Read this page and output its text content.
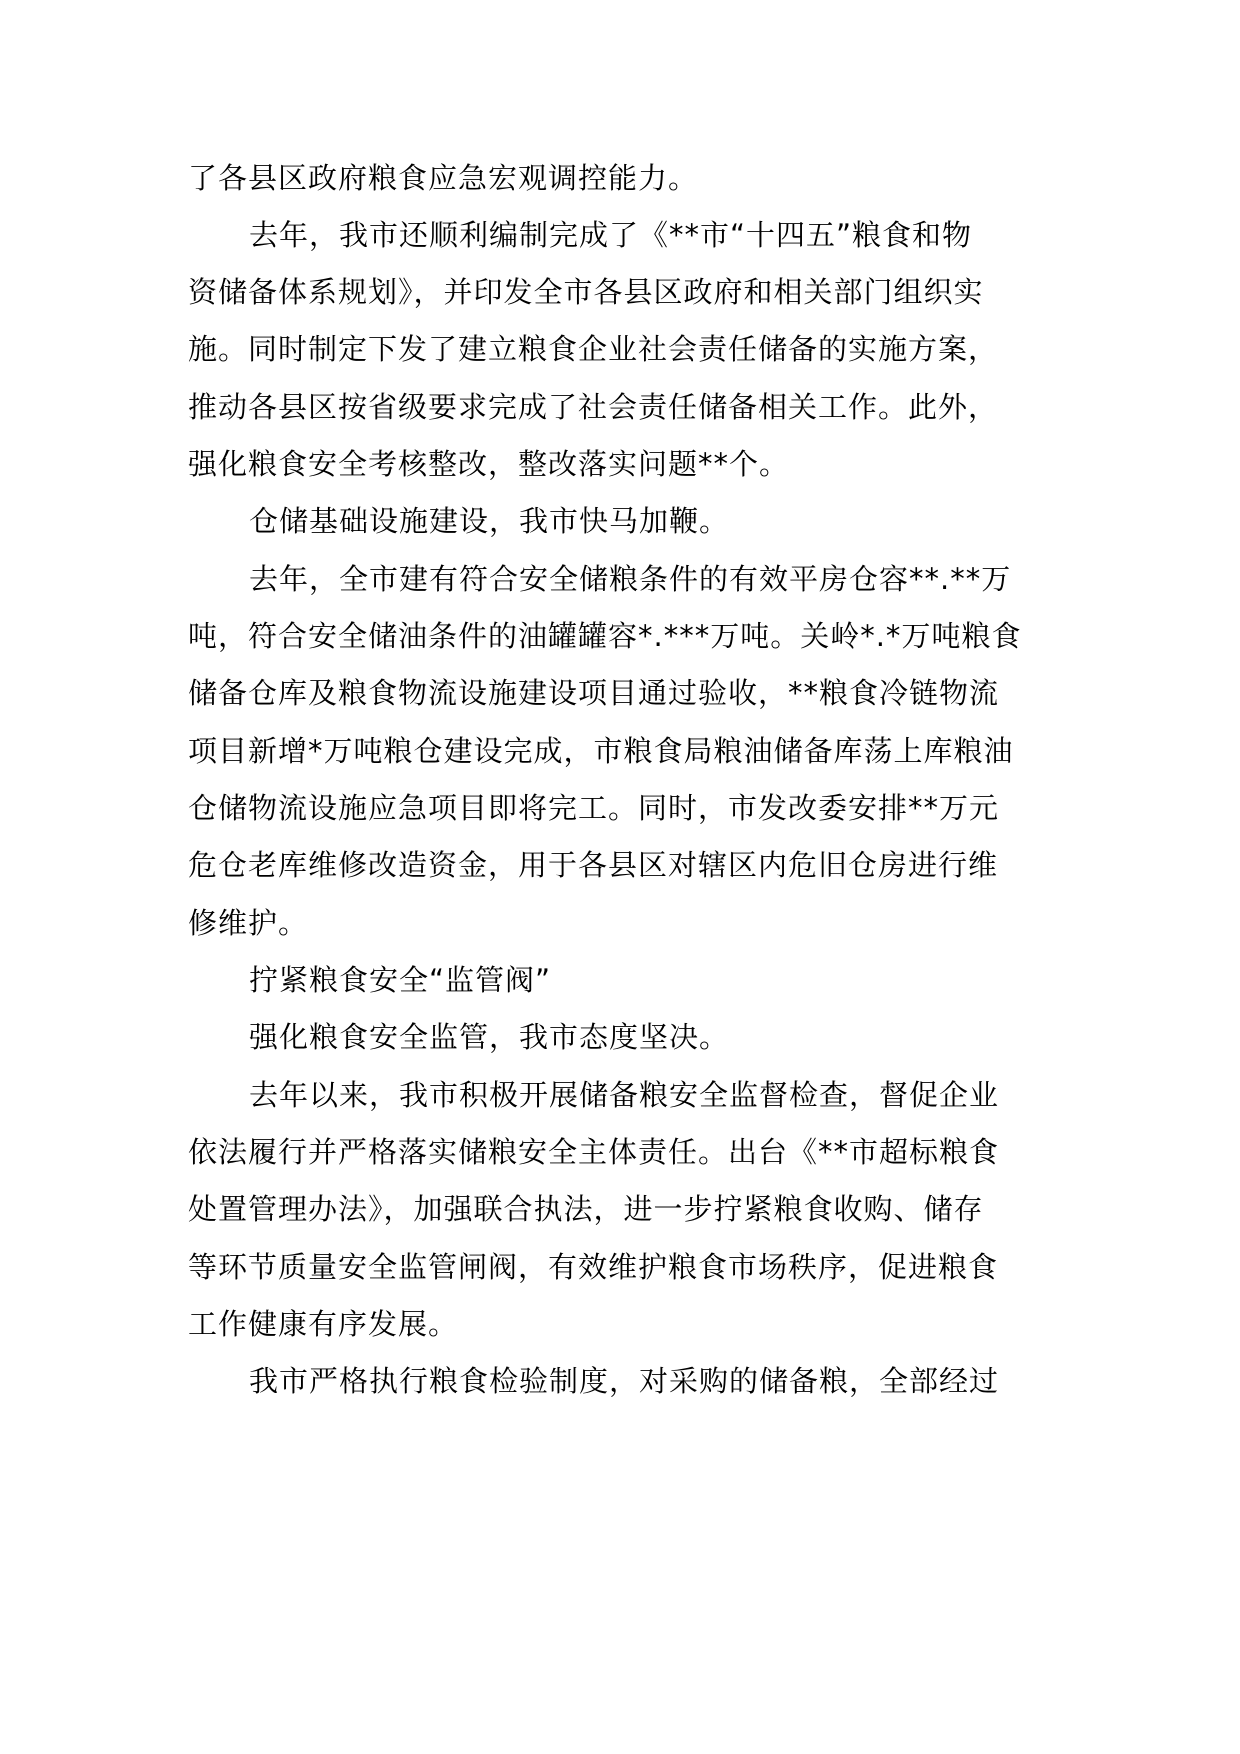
了各县区政府粮食应急宏观调控能力。
去年，我市还顺利编制完成了《**市“十四五”粮食和物
资储备体系规划》，并印发全市各县区政府和相关部门组织实
施。同时制定下发了建立粮食企业社会责任储备的实施方案，
推动各县区按省级要求完成了社会责任储备相关工作。此外，
强化粮食安全考核整改，整改落实问题**个。
仓储基础设施建设，我市快马加鞭。
去年，全市建有符合安全储粮条件的有效平房仓容**.**万
吨，符合安全储油条件的油罐罐容*.***万吨。关岭*.*万吨粮食
储备仓库及粮食物流设施建设项目通过验收，**粮食冷链物流
项目新增*万吨粮仓建设完成，市粮食局粮油储备库荡上库粮油
仓储物流设施应急项目即将完工。同时，市发改委安排**万元
危仓老库维修改造资金，用于各县区对辖区内危旧仓房进行维
修维护。
拧紧粮食安全“监管阀”
强化粮食安全监管，我市态度坚决。
去年以来，我市积极开展储备粮安全监督检查，督促企业
依法履行并严格落实储粮安全主体责任。出台《**市超标粮食
处置管理办法》，加强联合执法，进一步拧紧粮食收购、储存
等环节质量安全监管闸阀，有效维护粮食市场秩序，促进粮食
工作健康有序发展。
我市严格执行粮食检验制度，对采购的储备粮，全部经过
